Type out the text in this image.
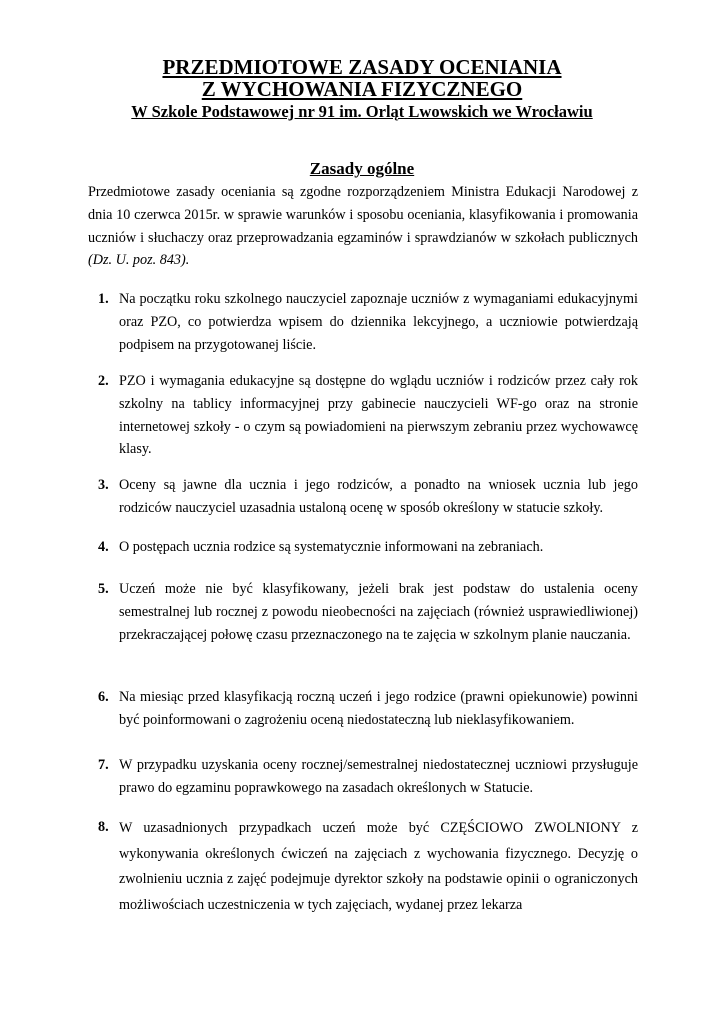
PRZEDMIOTOWE ZASADY OCENIANIA
Z WYCHOWANIA FIZYCZNEGO
W Szkole Podstawowej nr 91 im. Orląt Lwowskich we Wrocławiu
Zasady ogólne

Przedmiotowe zasady oceniania są zgodne rozporządzeniem Ministra Edukacji Narodowej z dnia 10 czerwca 2015r. w sprawie warunków i sposobu oceniania, klasyfikowania i promowania uczniów i słuchaczy oraz przeprowadzania egzaminów i sprawdzianów w szkołach publicznych (Dz. U. poz. 843).

1. Na początku roku szkolnego nauczyciel zapoznaje uczniów z wymaganiami edukacyjnymi oraz PZO, co potwierdza wpisem do dziennika lekcyjnego, a uczniowie potwierdzają podpisem na przygotowanej liście.

2. PZO i wymagania edukacyjne są dostępne do wglądu uczniów i rodziców przez cały rok szkolny na tablicy informacyjnej przy gabinecie nauczycieli WF-go oraz na stronie internetowej szkoły - o czym są powiadomieni na pierwszym zebraniu przez wychowawcę klasy.

3. Oceny są jawne dla ucznia i jego rodziców, a ponadto na wniosek ucznia lub jego rodziców nauczyciel uzasadnia ustaloną ocenę w sposób określony w statucie szkoły.

4. O postępach ucznia rodzice są systematycznie informowani na zebraniach.

5. Uczeń może nie być klasyfikowany, jeżeli brak jest podstaw do ustalenia oceny semestralnej lub rocznej z powodu nieobecności na zajęciach (również usprawiedliwionej) przekraczającej połowę czasu przeznaczonego na te zajęcia w szkolnym planie nauczania.

6. Na miesiąc przed klasyfikacją roczną uczeń i jego rodzice (prawni opiekunowie) powinni być poinformowani o zagrożeniu oceną niedostateczną lub nieklasyfikowaniem.

7. W przypadku uzyskania oceny rocznej/semestralnej niedostatecznej uczniowi przysługuje prawo do egzaminu poprawkowego na zasadach określonych w Statucie.

8. W uzasadnionych przypadkach uczeń może być CZĘŚCIOWO ZWOLNIONY z wykonywania określonych ćwiczeń na zajęciach z wychowania fizycznego. Decyzję o zwolnieniu ucznia z zajęć podejmuje dyrektor szkoły na podstawie opinii o ograniczonych możliwościach uczestniczenia w tych zajęciach, wydanej przez lekarza
